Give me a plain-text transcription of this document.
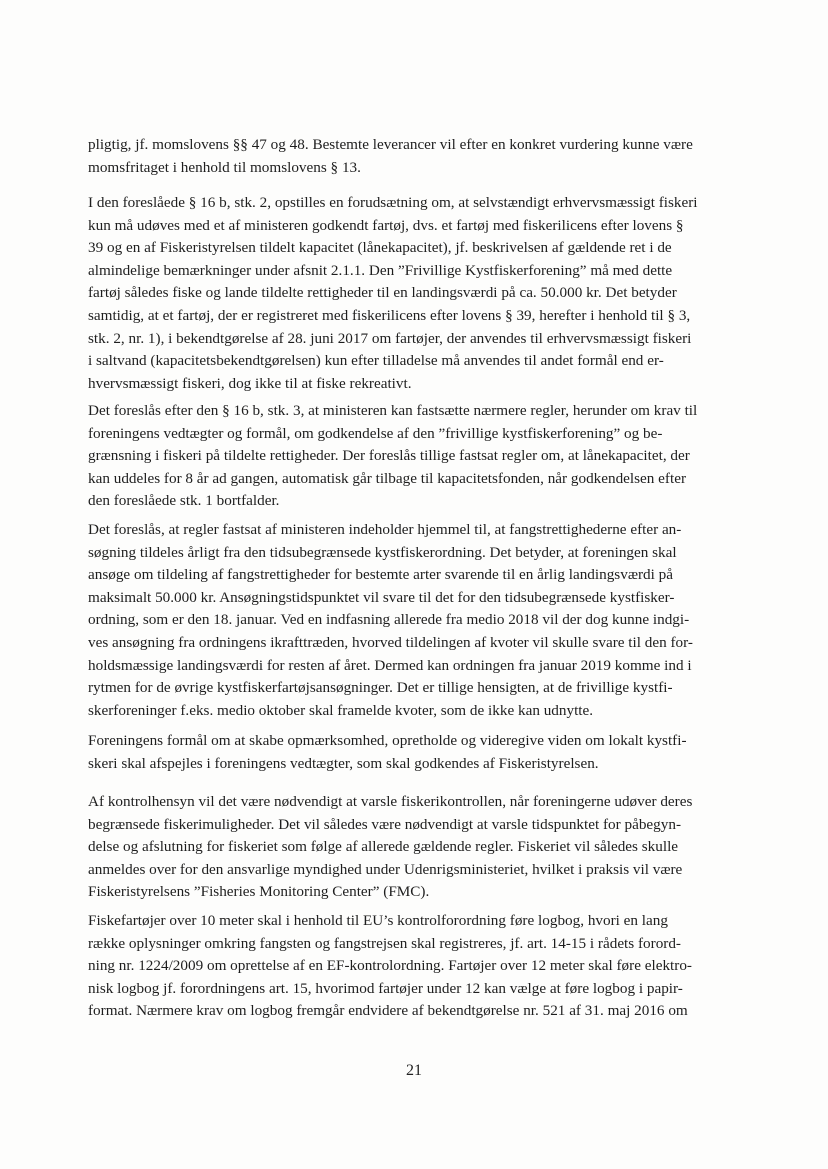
pligtig, jf. momslovens §§ 47 og 48. Bestemte leverancer vil efter en konkret vurdering kunne være
momsfritaget i henhold til momslovens § 13.

I den foreslåede § 16 b, stk. 2, opstilles en forudsætning om, at selvstændigt erhvervsmæssigt fiskeri
kun må udøves med et af ministeren godkendt fartøj, dvs. et fartøj med fiskerilicens efter lovens §
39 og en af Fiskeristyrelsen tildelt kapacitet (lånekapacitet), jf. beskrivelsen af gældende ret i de
almindelige bemærkninger under afsnit 2.1.1. Den ”Frivillige Kystfiskerforening” må med dette
fartøj således fiske og lande tildelte rettigheder til en landingsværdi på ca. 50.000 kr. Det betyder
samtidig, at et fartøj, der er registreret med fiskerilicens efter lovens § 39, herefter i henhold til § 3,
stk. 2, nr. 1), i bekendtgørelse af 28. juni 2017 om fartøjer, der anvendes til erhvervsmæssigt fiskeri
i saltvand (kapacitetsbekendtgørelsen) kun efter tilladelse må anvendes til andet formål end er-
hvervsmæssigt fiskeri, dog ikke til at fiske rekreativt.

Det foreslås efter den § 16 b, stk. 3, at ministeren kan fastsætte nærmere regler, herunder om krav til
foreningens vedtægter og formål, om godkendelse af den ”frivillige kystfiskerforening” og be-
grænsning i fiskeri på tildelte rettigheder. Der foreslås tillige fastsat regler om, at lånekapacitet, der
kan uddeles for 8 år ad gangen, automatisk går tilbage til kapacitetsfonden, når godkendelsen efter
den foreslåede stk. 1 bortfalder.

Det foreslås, at regler fastsat af ministeren indeholder hjemmel til, at fangstrettighederne efter an-
søgning tildeles årligt fra den tidsubegrænsede kystfiskerordning. Det betyder, at foreningen skal
ansøge om tildeling af fangstrettigheder for bestemte arter svarende til en årlig landingsværdi på
maksimalt 50.000 kr. Ansøgningstidspunktet vil svare til det for den tidsubegrænsede kystfisker-
ordning, som er den 18. januar. Ved en indfasning allerede fra medio 2018 vil der dog kunne indgi-
ves ansøgning fra ordningens ikrafttræden, hvorved tildelingen af kvoter vil skulle svare til den for-
holdsmæssige landingsværdi for resten af året. Dermed kan ordningen fra januar 2019 komme ind i
rytmen for de øvrige kystfiskerfartøjsansøgninger. Det er tillige hensigten, at de frivillige kystfi-
skerforeninger f.eks. medio oktober skal framelde kvoter, som de ikke kan udnytte.

Foreningens formål om at skabe opmærksomhed, opretholde og videregive viden om lokalt kystfi-
skeri skal afspejles i foreningens vedtægter, som skal godkendes af Fiskeristyrelsen.

Af kontrolhensyn vil det være nødvendigt at varsle fiskerikontrollen, når foreningerne udøver deres
begrænsede fiskerimuligheder. Det vil således være nødvendigt at varsle tidspunktet for påbegyn-
delse og afslutning for fiskeriet som følge af allerede gældende regler. Fiskeriet vil således skulle
anmeldes over for den ansvarlige myndighed under Udenrigsministeriet, hvilket i praksis vil være
Fiskeristyrelsens ”Fisheries Monitoring Center” (FMC).

Fiskefartøjer over 10 meter skal i henhold til EU’s kontrolforordning føre logbog, hvori en lang
række oplysninger omkring fangsten og fangstrejsen skal registreres, jf. art. 14-15 i rådets forord-
ning nr. 1224/2009 om oprettelse af en EF-kontrolordning. Fartøjer over 12 meter skal føre elektro-
nisk logbog jf. forordningens art. 15, hvorimod fartøjer under 12 kan vælge at føre logbog i papir-
format. Nærmere krav om logbog fremgår endvidere af bekendtgørelse nr. 521 af 31. maj 2016 om

21
